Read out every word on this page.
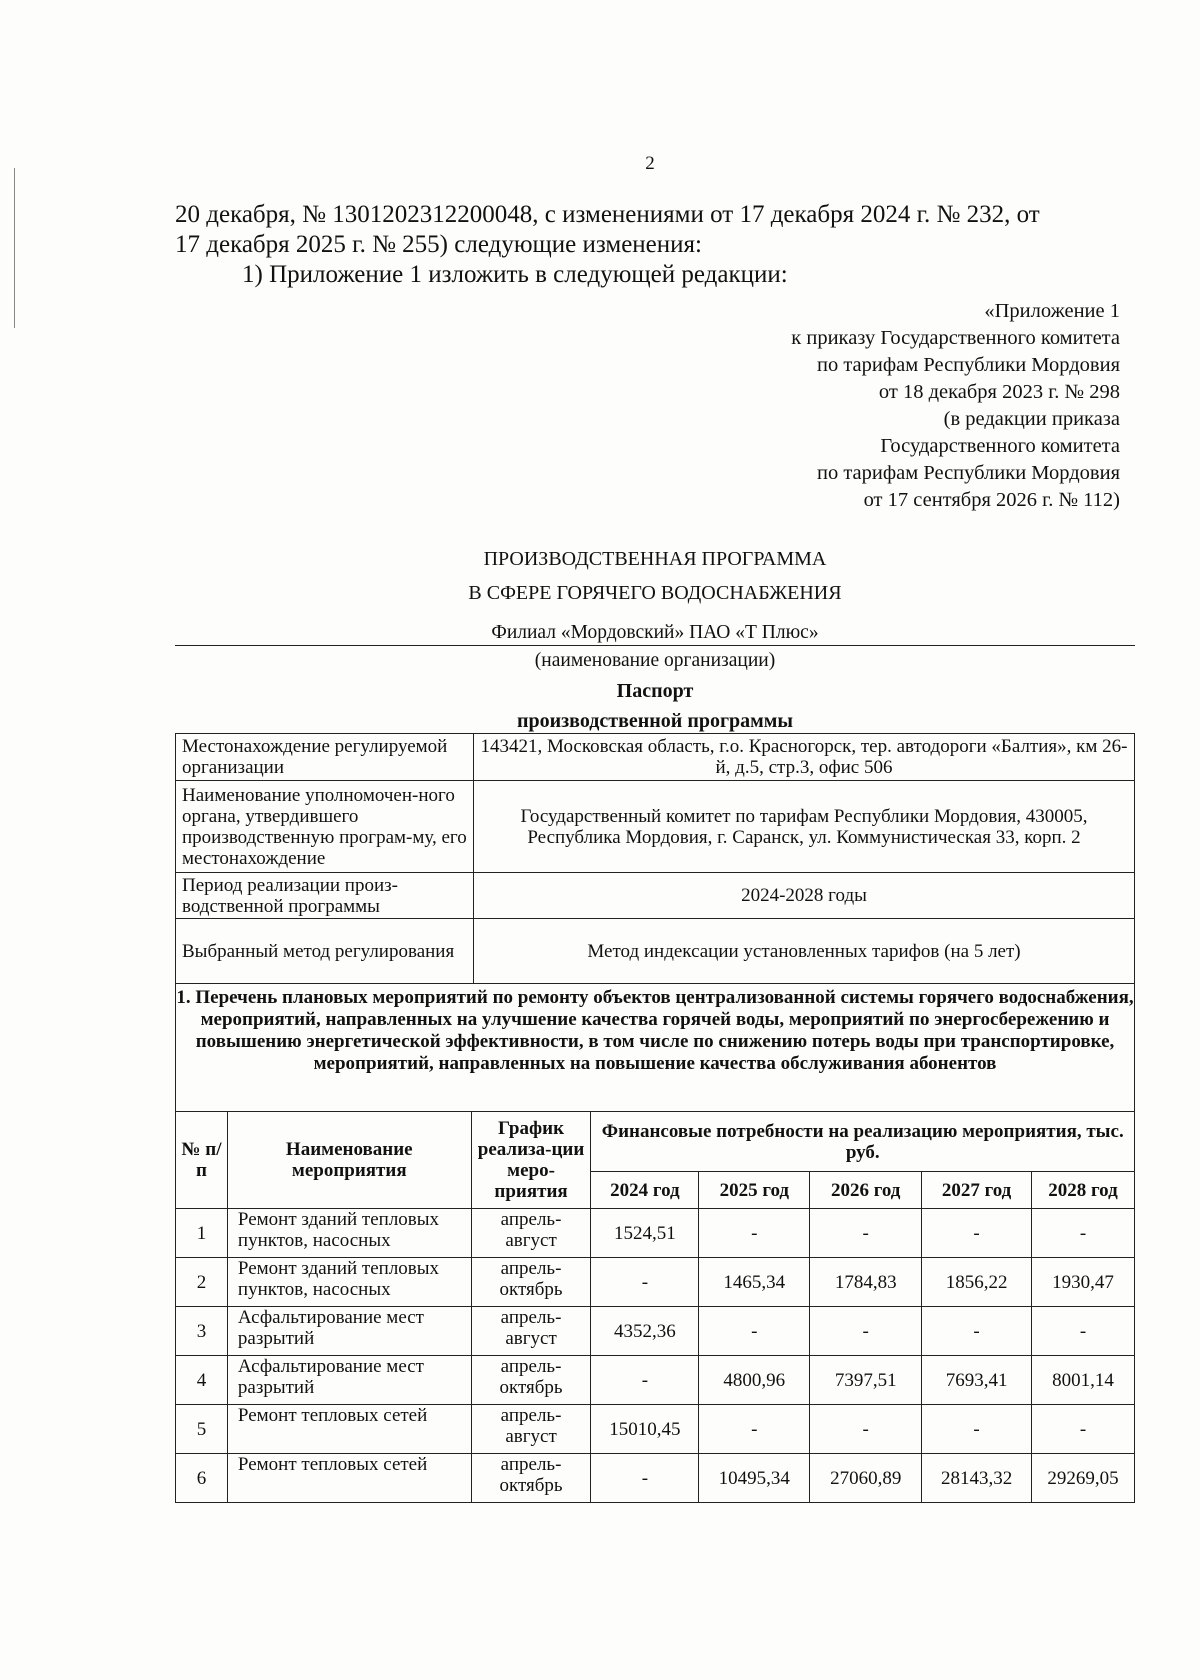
2

20 декабря, № 1301202312200048, с изменениями от 17 декабря 2024 г. № 232, от

17 декабря 2025 г. № 255) следующие изменения:

1) Приложение 1 изложить в следующей редакции:

«Приложение 1
к приказу Государственного комитета
по тарифам Республики Мордовия
от 18 декабря 2023 г. № 298
(в редакции приказа
Государственного комитета
по тарифам Республики Мордовия
от 17 сентября 2026 г. № 112)
ПРОИЗВОДСТВЕННАЯ ПРОГРАММА
В СФЕРЕ ГОРЯЧЕГО ВОДОСНАБЖЕНИЯ
Филиал «Мордовский» ПАО «Т Плюс»
(наименование организации)
Паспорт
производственной программы
Местонахождение регулируемой организации	143421, Московская область, г.о. Красногорск, тер. автодороги «Балтия», км 26-й, д.5, стр.3, офис 506
Наименование уполномочен-ного органа, утвердившего производственную програм-му, его местонахождение	Государственный комитет по тарифам Республики Мордовия, 430005, Республика Мордовия, г. Саранск, ул. Коммунистическая 33, корп. 2
Период реализации произ-водственной программы	2024-2028 годы
Выбранный метод регулирования	Метод индексации установленных тарифов (на 5 лет)
1. Перечень плановых мероприятий по ремонту объектов централизованной системы горячего водоснабжения, мероприятий, направленных на улучшение качества горячей воды, мероприятий по энергосбережению и повышению энергетической эффективности, в том числе по снижению потерь воды при транспортировке, мероприятий, направленных на повышение качества обслуживания абонентов
№ п/п	Наименование мероприятия	График реализа-ции меро-приятия	Финансовые потребности на реализацию мероприятия, тыс. руб.				
			2024 год	2025 год	2026 год	2027 год	2028 год
1	Ремонт зданий тепловых пунктов, насосных	апрель-август	1524,51	-	-	-	-
2	Ремонт зданий тепловых пунктов, насосных	апрель-октябрь	-	1465,34	1784,83	1856,22	1930,47
3	Асфальтирование мест разрытий	апрель-август	4352,36	-	-	-	-
4	Асфальтирование мест разрытий	апрель-октябрь	-	4800,96	7397,51	7693,41	8001,14
5	Ремонт тепловых сетей	апрель-август	15010,45	-	-	-	-
6	Ремонт тепловых сетей	апрель-октябрь	-	10495,34	27060,89	28143,32	29269,05
